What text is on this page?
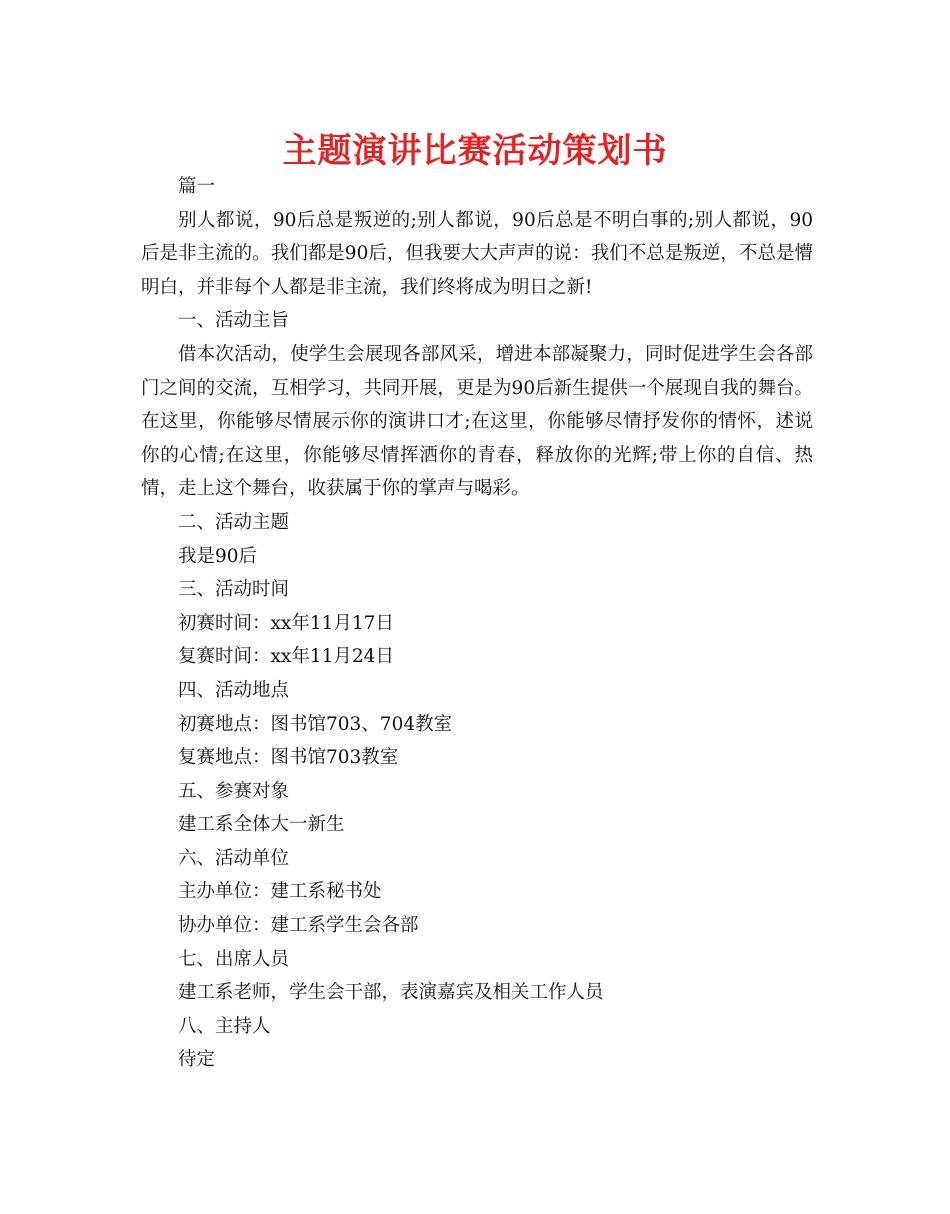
主题演讲比赛活动策划书
篇一
别人都说，90后总是叛逆的;别人都说，90后总是不明白事的;别人都说，90后是非主流的。我们都是90后，但我要大大声声的说：我们不总是叛逆，不总是懵明白，并非每个人都是非主流，我们终将成为明日之新!
一、活动主旨
借本次活动，使学生会展现各部风采，增进本部凝聚力，同时促进学生会各部门之间的交流，互相学习，共同开展，更是为90后新生提供一个展现自我的舞台。在这里，你能够尽情展示你的演讲口才;在这里，你能够尽情抒发你的情怀，述说你的心情;在这里，你能够尽情挥洒你的青春，释放你的光辉;带上你的自信、热情，走上这个舞台，收获属于你的掌声与喝彩。
二、活动主题
我是90后
三、活动时间
初赛时间：xx年11月17日
复赛时间：xx年11月24日
四、活动地点
初赛地点：图书馆703、704教室
复赛地点：图书馆703教室
五、参赛对象
建工系全体大一新生
六、活动单位
主办单位：建工系秘书处
协办单位：建工系学生会各部
七、出席人员
建工系老师，学生会干部，表演嘉宾及相关工作人员
八、主持人
待定
